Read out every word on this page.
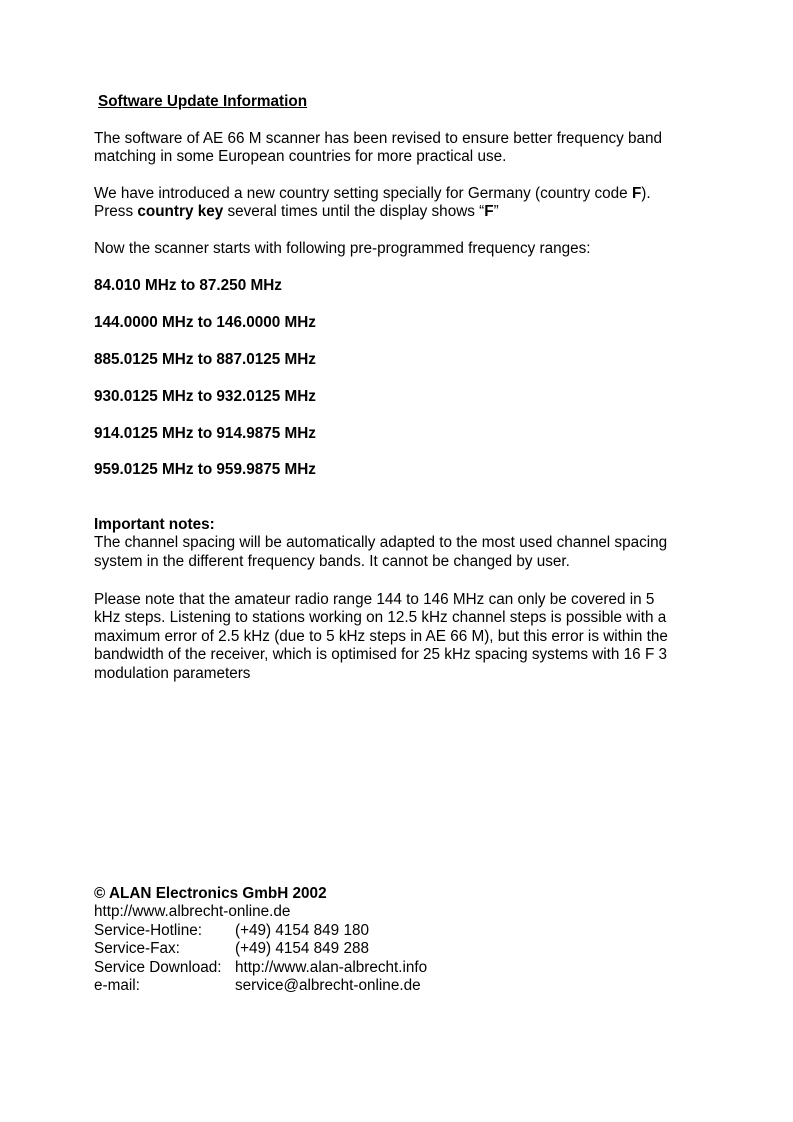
Software Update Information
The software of AE 66 M scanner has been revised to ensure better frequency band
matching in some European countries for more practical use.
We have introduced a new country setting specially for Germany (country code F).
Press country key several times until the display shows “F”
Now the scanner starts with following pre-programmed frequency ranges:
84.010 MHz to 87.250 MHz
144.0000 MHz to 146.0000 MHz
885.0125 MHz to 887.0125 MHz
930.0125 MHz to 932.0125 MHz
914.0125 MHz to 914.9875 MHz
959.0125 MHz to 959.9875 MHz
Important notes:
The channel spacing will be automatically adapted to the most used channel spacing
system in the different frequency bands. It cannot be changed by user.
Please note that the amateur radio range 144 to 146 MHz can only be covered in 5
kHz steps. Listening to stations working on 12.5 kHz channel steps is possible with a
maximum error of 2.5 kHz (due to 5 kHz steps in AE 66 M), but this error is within the
bandwidth of the receiver, which is optimised for 25 kHz spacing systems with 16 F 3
modulation parameters
© ALAN Electronics GmbH 2002
http://www.albrecht-online.de
Service-Hotline: (+49) 4154 849 180
Service-Fax:	(+49) 4154 849 288
Service Download: http://www.alan-albrecht.info
e-mail:	service@albrecht-online.de
